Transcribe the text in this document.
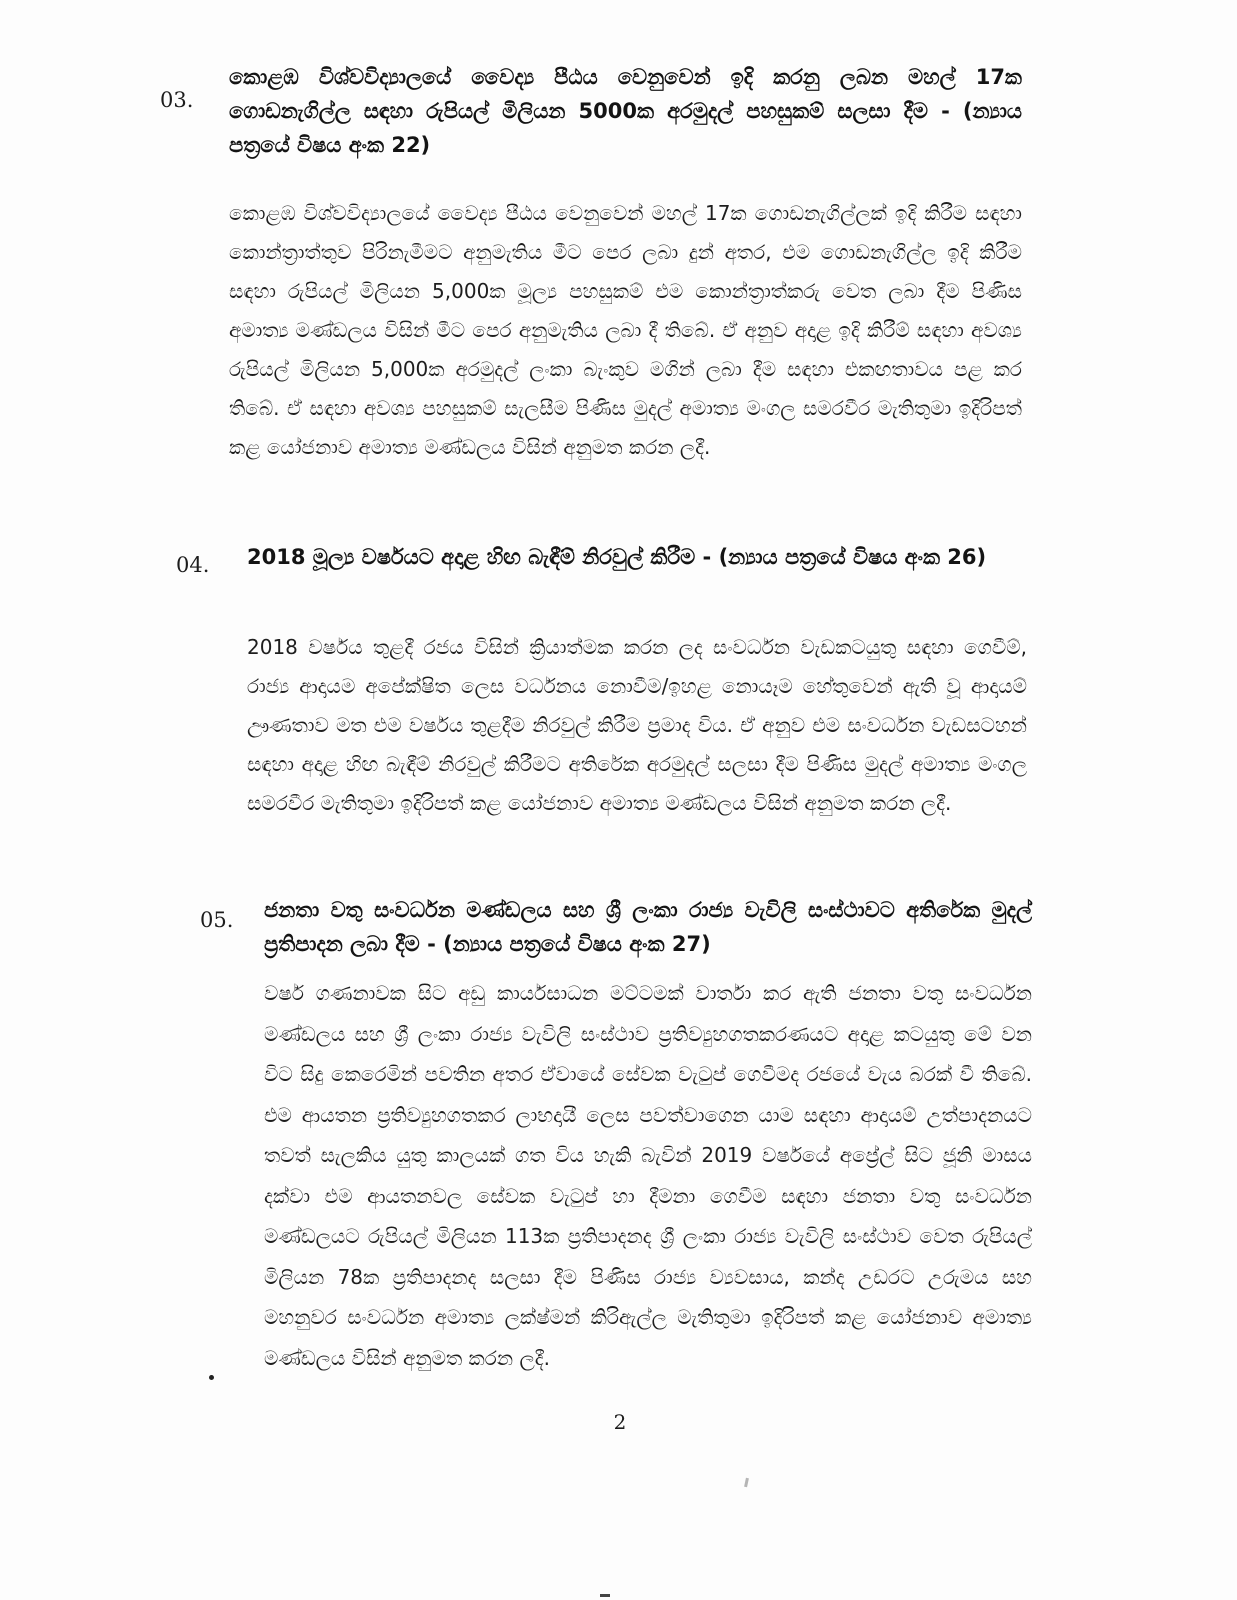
03.

කොළඹ විශ්වවිද්‍යාලයේ වෛද්‍ය පීඨය වෙනුවෙන් ඉදි කරනු ලබන මහල් 17ක ගොඩනැගිල්ල සඳහා රුපියල් මිලියන 5000ක අරමුදල් පහසුකම් සලසා දීම - (න්‍යාය පත්‍රයේ විෂය අංක 22)

කොළඹ විශ්වවිද්‍යාලයේ වෛද්‍ය පීඨය වෙනුවෙන් මහල් 17ක ගොඩනැගිල්ලක් ඉදි කිරීම සඳහා කොන්ත්‍රාත්තුව පිරිනැමීමට අනුමැතිය මීට පෙර ලබා දුන් අතර, එම ගොඩනැගිල්ල ඉදි කිරීම සඳහා රුපියල් මිලියන 5,000ක මූල්‍ය පහසුකම් එම කොන්ත්‍රාත්කරු වෙත ලබා දීම පිණිස අමාත්‍ය මණ්ඩලය විසින් මීට පෙර අනුමැතිය ලබා දී තිබේ. ඒ අනුව අදාළ ඉදි කිරීම් සඳහා අවශ්‍ය රුපියල් මිලියන 5,000ක අරමුදල් ලංකා බැංකුව මගින් ලබා දීම සඳහා එකඟතාවය පළ කර තිබේ. ඒ සඳහා අවශ්‍ය පහසුකම් සැලසීම පිණිස මුදල් අමාත්‍ය මංගල සමරවීර මැතිතුමා ඉදිරිපත් කළ යෝජනාව අමාත්‍ය මණ්ඩලය විසින් අනුමත කරන ලදී.

04. 2018 මූල්‍ය වර්ෂයට අදාළ හිඟ බැඳීම් නිරවුල් කිරීම - (න්‍යාය පත්‍රයේ විෂය අංක 26)

2018 වර්ෂය තුළදී රජය විසින් ක්‍රියාත්මක කරන ලද සංවර්ධන වැඩකටයුතු සඳහා ගෙවීම්, රාජ්‍ය ආදායම අපේක්ෂිත ලෙස වර්ධනය නොවීම/ඉහළ නොයෑම හේතුවෙන් ඇති වූ ආදායම් ඌණතාව මත එම වර්ෂය තුළදීම නිරවුල් කිරීම ප්‍රමාද විය. ඒ අනුව එම සංවර්ධන වැඩසටහන් සඳහා අදාළ හිඟ බැඳීම් නිරවුල් කිරීමට අතිරේක අරමුදල් සලසා දීම පිණිස මුදල් අමාත්‍ය මංගල සමරවීර මැතිතුමා ඉදිරිපත් කළ යෝජනාව අමාත්‍ය මණ්ඩලය විසින් අනුමත කරන ලදී.

05. ජනතා වතු සංවර්ධන මණ්ඩලය සහ ශ්‍රී ලංකා රාජ්‍ය වැවිලි සංස්ථාවට අතිරේක මුදල් ප්‍රතිපාදන ලබා දීම - (න්‍යාය පත්‍රයේ විෂය අංක 27)

වර්ෂ ගණනාවක සිට අඩු කාර්යසාධන මට්ටමක් වාර්තා කර ඇති ජනතා වතු සංවර්ධන මණ්ඩලය සහ ශ්‍රී ලංකා රාජ්‍ය වැවිලි සංස්ථාව ප්‍රතිව්‍යුහගතකරණයට අදාළ කටයුතු මේ වන විට සිදු කෙරෙමින් පවතින අතර ඒවායේ සේවක වැටුප් ගෙවීමද රජයේ වැය බරක් වී තිබේ. එම ආයතන ප්‍රතිව්‍යුහගතකර ලාභදායී ලෙස පවත්වාගෙන යාම සඳහා ආදායම් උත්පාදනයට තවත් සැලකිය යුතු කාලයක් ගත විය හැකි බැවින් 2019 වර්ෂයේ අප්‍රේල් සිට ජූනි මාසය දක්වා එම ආයතනවල සේවක වැටුප් හා දීමනා ගෙවීම සඳහා ජනතා වතු සංවර්ධන මණ්ඩලයට රුපියල් මිලියන 113ක ප්‍රතිපාදනද ශ්‍රී ලංකා රාජ්‍ය වැවිලි සංස්ථාව වෙත රුපියල් මිලියන 78ක ප්‍රතිපාදනද සලසා දීම පිණිස රාජ්‍ය ව්‍යවසාය, කන්ද උඩරට උරුමය සහ මහනුවර සංවර්ධන අමාත්‍ය ලක්ෂ්මන් කිරිඇල්ල මැතිතුමා ඉදිරිපත් කළ යෝජනාව අමාත්‍ය මණ්ඩලය විසින් අනුමත කරන ලදී.

2
